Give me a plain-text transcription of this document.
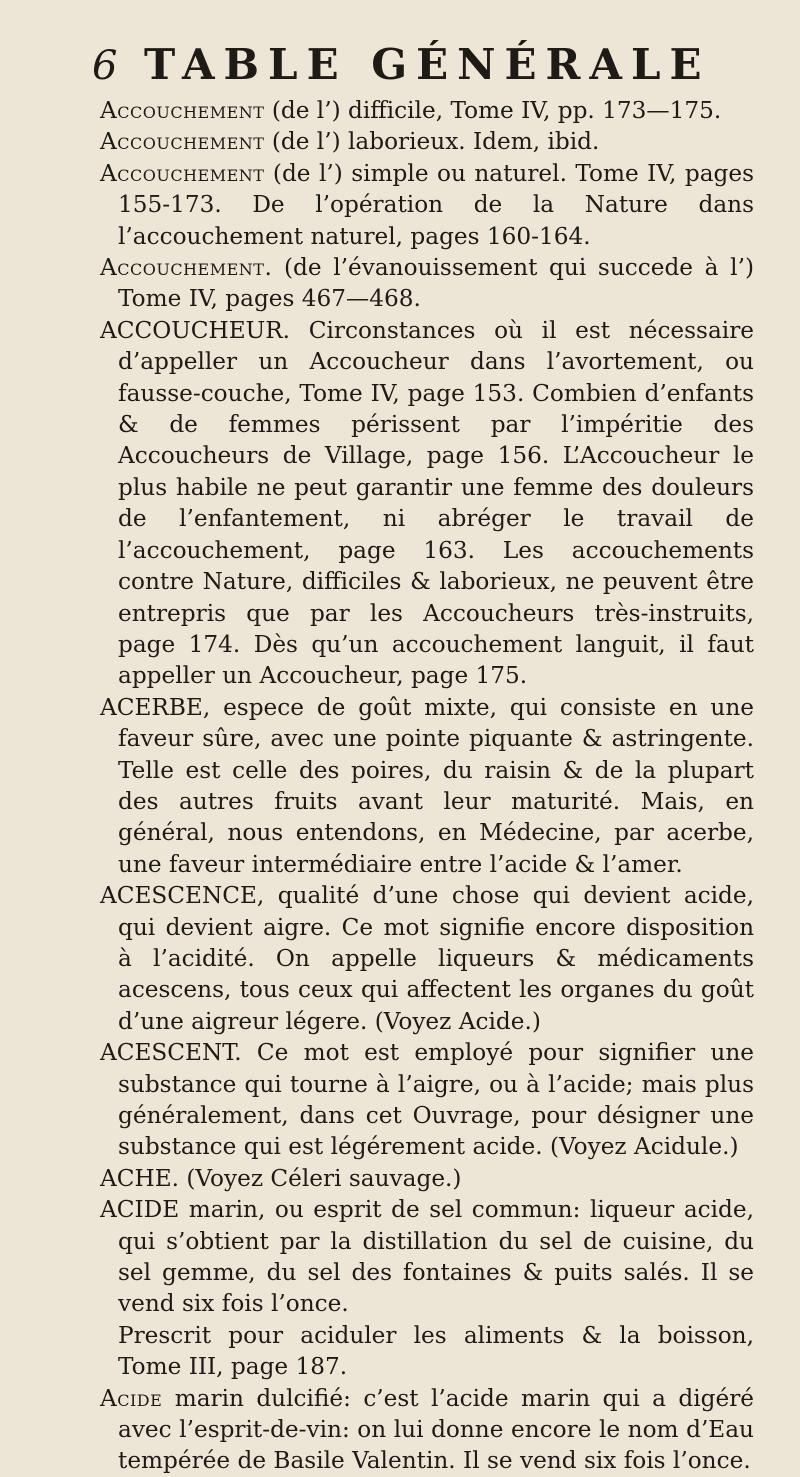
6 TABLE GÉNÉRALE

Accouchement (de l’) difficile, Tome IV, pp. 173—175.

Accouchement (de l’) laborieux. Idem, ibid.

Accouchement (de l’) simple ou naturel. Tome IV, pages 155-173. De l’opération de la Nature dans l’accouchement naturel, pages 160-164.

Accouchement. (de l’évanouissement qui succede à l’) Tome IV, pages 467—468.

ACCOUCHEUR. Circonstances où il est nécessaire d’appeller un Accoucheur dans l’avortement, ou fausse-couche, Tome IV, page 153. Combien d’enfants & de femmes périssent par l’impéritie des Accoucheurs de Village, page 156. L’Accoucheur le plus habile ne peut garantir une femme des douleurs de l’enfantement, ni abréger le travail de l’accouchement, page 163. Les accouchements contre Nature, difficiles & laborieux, ne peuvent être entrepris que par les Accoucheurs très-instruits, page 174. Dès qu’un accouchement languit, il faut appeller un Accoucheur, page 175.

ACERBE, espece de goût mixte, qui consiste en une faveur sûre, avec une pointe piquante & astringente. Telle est celle des poires, du raisin & de la plupart des autres fruits avant leur maturité. Mais, en général, nous entendons, en Médecine, par acerbe, une faveur intermédiaire entre l’acide & l’amer.

ACESCENCE, qualité d’une chose qui devient acide, qui devient aigre. Ce mot signifie encore disposition à l’acidité. On appelle liqueurs & médicaments acescens, tous ceux qui affectent les organes du goût d’une aigreur légere. (Voyez Acide.)

ACESCENT. Ce mot est employé pour signifier une substance qui tourne à l’aigre, ou à l’acide; mais plus généralement, dans cet Ouvrage, pour désigner une substance qui est légérement acide. (Voyez Acidule.)

ACHE. (Voyez Céleri sauvage.)

ACIDE marin, ou esprit de sel commun: liqueur acide, qui s’obtient par la distillation du sel de cuisine, du sel gemme, du sel des fontaines & puits salés. Il se vend six fois l’once.

Prescrit pour aciduler les aliments & la boisson, Tome III, page 187.

Acide marin dulcifié: c’est l’acide marin qui a digéré avec l’esprit-de-vin: on lui donne encore le nom d’Eau tempérée de Basile Valentin. Il se vend six fois l’once.
